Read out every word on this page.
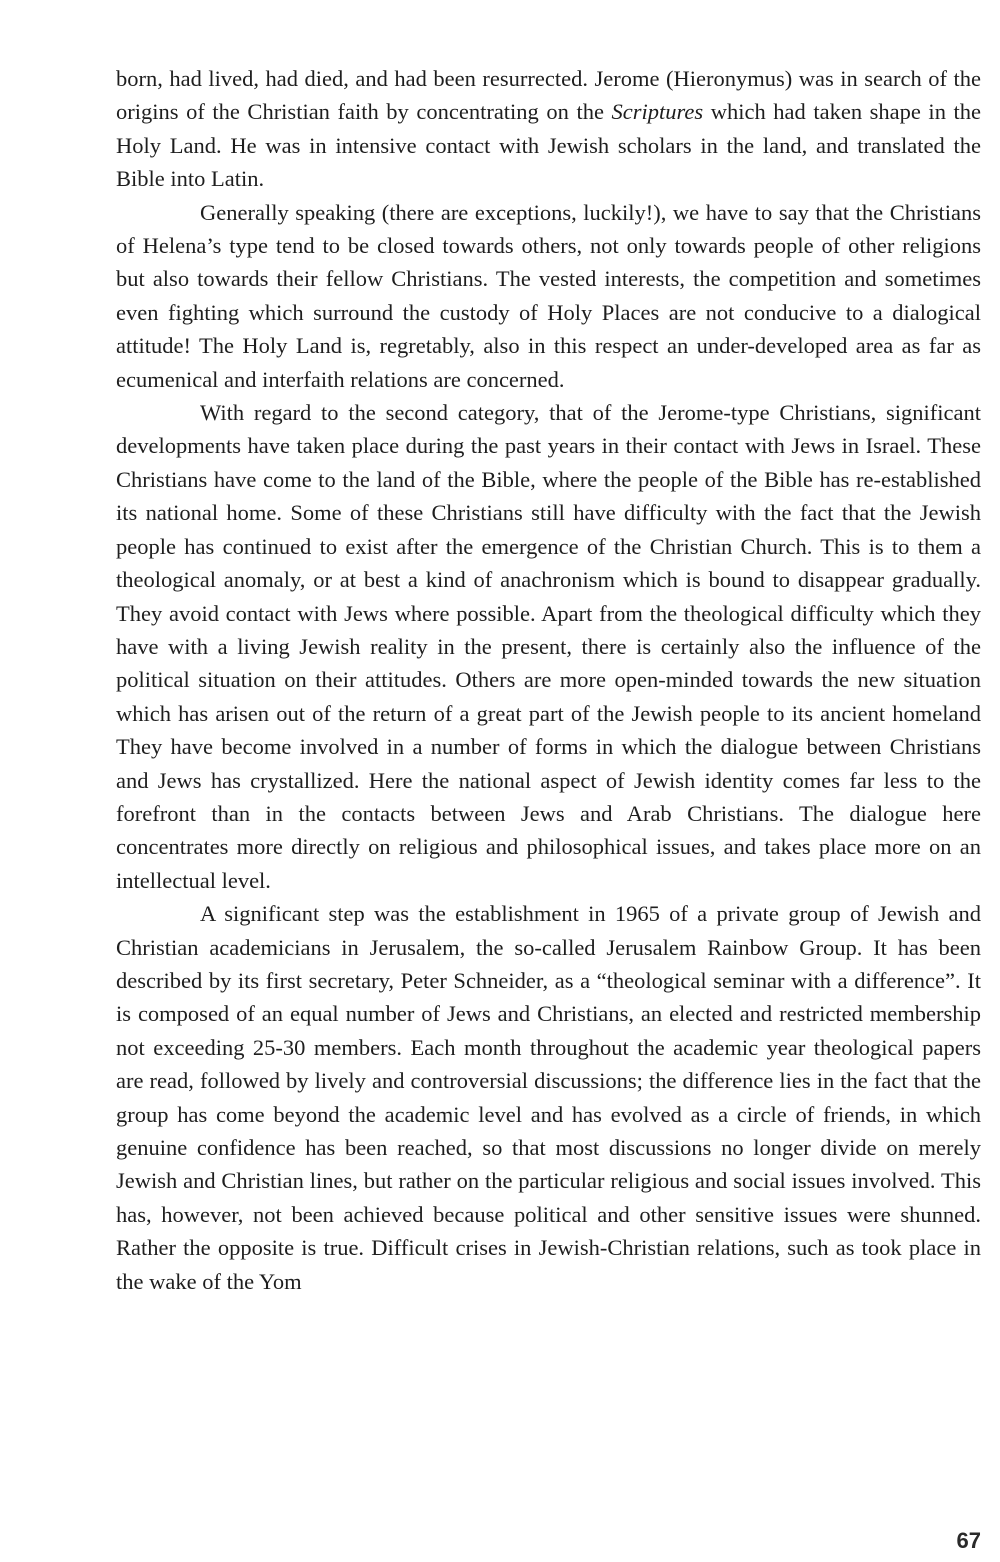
born, had lived, had died, and had been resurrected. Jerome (Hieronymus) was in search of the origins of the Christian faith by concentrating on the Scriptures which had taken shape in the Holy Land. He was in intensive contact with Jewish scholars in the land, and translated the Bible into Latin.

Generally speaking (there are exceptions, luckily!), we have to say that the Christians of Helena’s type tend to be closed towards others, not only towards people of other religions but also towards their fellow Christians. The vested interests, the competition and sometimes even fighting which surround the custody of Holy Places are not conducive to a dialogical attitude! The Holy Land is, regretably, also in this respect an under-developed area as far as ecumenical and interfaith relations are concerned.

With regard to the second category, that of the Jerome-type Christians, significant developments have taken place during the past years in their contact with Jews in Israel. These Christians have come to the land of the Bible, where the people of the Bible has re-established its national home. Some of these Christians still have difficulty with the fact that the Jewish people has continued to exist after the emergence of the Christian Church. This is to them a theological anomaly, or at best a kind of anachronism which is bound to disappear gradually. They avoid contact with Jews where possible. Apart from the theological difficulty which they have with a living Jewish reality in the present, there is certainly also the influence of the political situation on their attitudes. Others are more open-minded towards the new situation which has arisen out of the return of a great part of the Jewish people to its ancient homeland They have become involved in a number of forms in which the dialogue between Christians and Jews has crystallized. Here the national aspect of Jewish identity comes far less to the forefront than in the contacts between Jews and Arab Christians. The dialogue here concentrates more directly on religious and philosophical issues, and takes place more on an intellectual level.

A significant step was the establishment in 1965 of a private group of Jewish and Christian academicians in Jerusalem, the so-called Jerusalem Rainbow Group. It has been described by its first secretary, Peter Schneider, as a “theological seminar with a difference”. It is composed of an equal number of Jews and Christians, an elected and restricted membership not exceeding 25-30 members. Each month throughout the academic year theological papers are read, followed by lively and controversial discussions; the difference lies in the fact that the group has come beyond the academic level and has evolved as a circle of friends, in which genuine confidence has been reached, so that most discussions no longer divide on merely Jewish and Christian lines, but rather on the particular religious and social issues involved. This has, however, not been achieved because political and other sensitive issues were shunned. Rather the opposite is true. Difficult crises in Jewish-Christian relations, such as took place in the wake of the Yom

67
